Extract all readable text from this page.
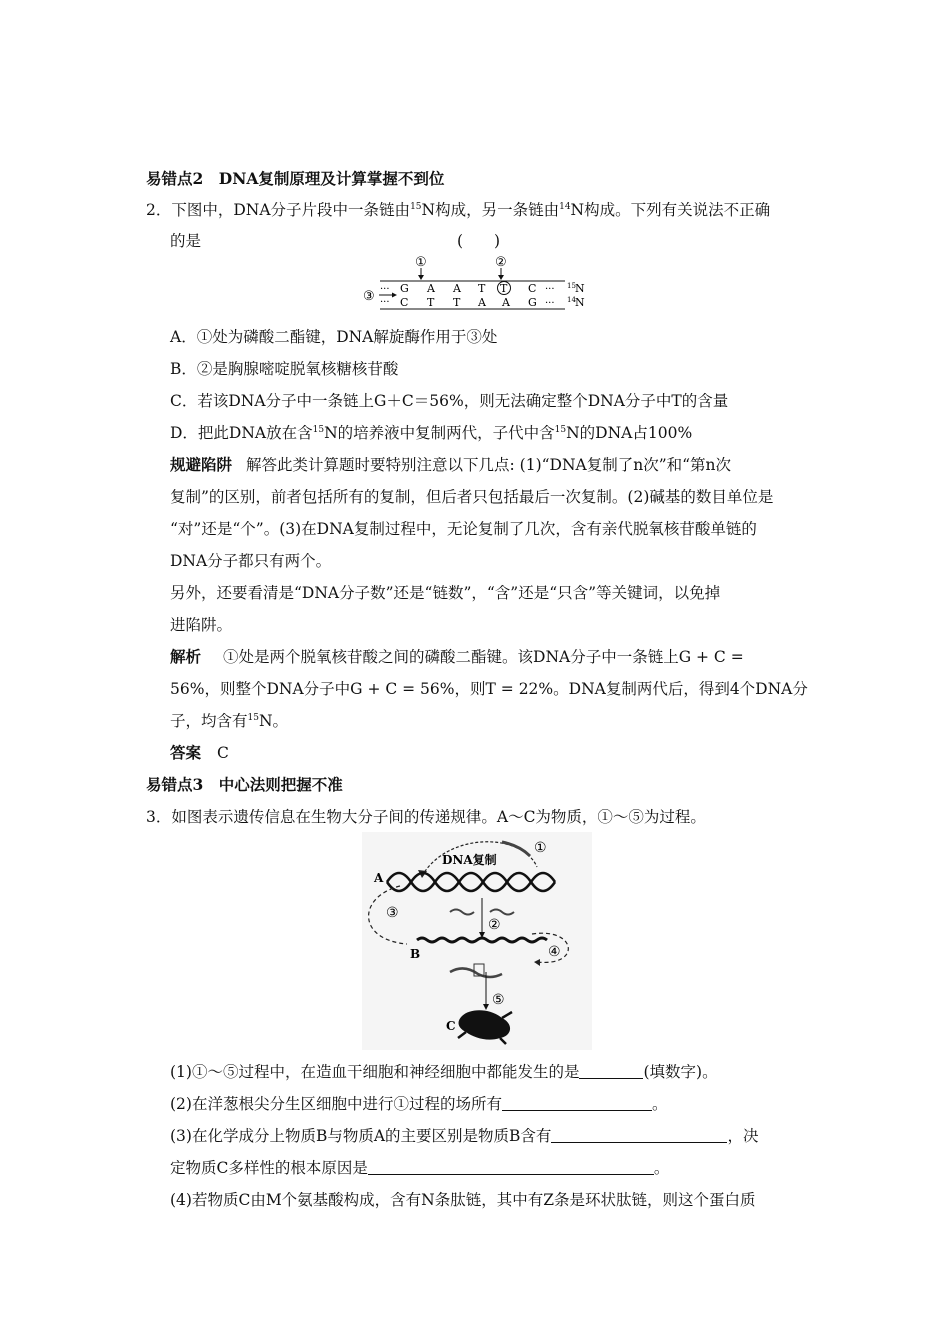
易错点2　DNA复制原理及计算掌握不到位
2．下图中，DNA分子片段中一条链由$^{15}$N构成，另一条链由$^{14}$N构成。下列有关说法不正确
的是	(　　)
①	②
③ ···
···
G A A T T C ···
C T T A A G ···
15 N
14 N
A．①处为磷酸二酯键，DNA解旋酶作用于③处
B．②是胸腺嘧啶脱氧核糖核苷酸
C．若该DNA分子中一条链上G＋C＝56%，则无法确定整个DNA分子中T的含量
D．把此DNA放在含$^{15}$N的培养液中复制两代，子代中含$^{15}$N的DNA占100%
规避陷阱 解答此类计算题时要特别注意以下几点: (1)“DNA复制了n次”和“第n次
复制”的区别，前者包括所有的复制，但后者只包括最后一次复制。(2)碱基的数目单位是
“对”还是“个”。(3)在DNA复制过程中，无论复制了几次，含有亲代脱氧核苷酸单链的
DNA分子都只有两个。
另外，还要看清是“DNA分子数”还是“链数”，“含”还是“只含”等关键词，以免掉
进陷阱。
解析 ①处是两个脱氧核苷酸之间的磷酸二酯键。该DNA分子中一条链上G + C =
56%，则整个DNA分子中G + C = 56%，则T = 22%。DNA复制两代后，得到4个DNA分
子，均含有$^{15}$N。
答案 C
易错点3　中心法则把握不准
3．如图表示遗传信息在生物大分子间的传递规律。A～C为物质，①～⑤为过程。
DNA复制
①
A
②
③
B	④
⑤
C
(1)①～⑤过程中，在造血干细胞和神经细胞中都能发生的是	(填数字)。
(2)在洋葱根尖分生区细胞中进行①过程的场所有	。
(3)在化学成分上物质B与物质A的主要区别是物质B含有	，决
定物质C多样性的根本原因是	。
(4)若物质C由M个氨基酸构成，含有N条肽链，其中有Z条是环状肽链，则这个蛋白质
